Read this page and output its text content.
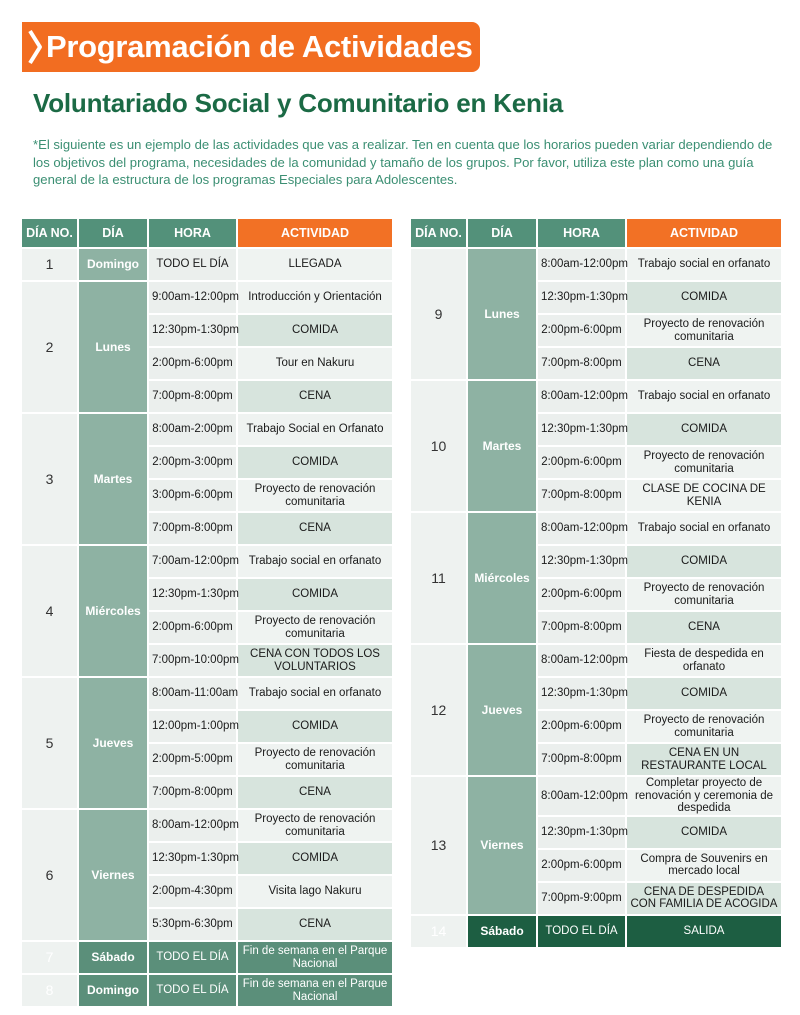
Programación de Actividades
Voluntariado Social y Comunitario en Kenia
*El siguiente es un ejemplo de las actividades que vas a realizar. Ten en cuenta que los horarios pueden variar dependiendo de los objetivos del programa, necesidades de la comunidad y tamaño de los grupos. Por favor, utiliza este plan como una guía general de la estructura de los programas Especiales para Adolescentes.
DÍA NO.	DÍA	HORA	ACTIVIDAD
1	Domingo	TODO EL DÍA	LLEGADA
2	Lunes	9:00am-12:00pm	Introducción y Orientación
		12:30pm-1:30pm	COMIDA
		2:00pm-6:00pm	Tour en Nakuru
		7:00pm-8:00pm	CENA
3	Martes	8:00am-2:00pm	Trabajo Social en Orfanato
		2:00pm-3:00pm	COMIDA
		3:00pm-6:00pm	Proyecto de renovación comunitaria
		7:00pm-8:00pm	CENA
4	Miércoles	7:00am-12:00pm	Trabajo social en orfanato
		12:30pm-1:30pm	COMIDA
		2:00pm-6:00pm	Proyecto de renovación comunitaria
		7:00pm-10:00pm	CENA CON TODOS LOS VOLUNTARIOS
5	Jueves	8:00am-11:00am	Trabajo social en orfanato
		12:00pm-1:00pm	COMIDA
		2:00pm-5:00pm	Proyecto de renovación comunitaria
		7:00pm-8:00pm	CENA
6	Viernes	8:00am-12:00pm	Proyecto de renovación comunitaria
		12:30pm-1:30pm	COMIDA
		2:00pm-4:30pm	Visita lago Nakuru
		5:30pm-6:30pm	CENA
7	Sábado	TODO EL DÍA	Fin de semana en el Parque Nacional
8	Domingo	TODO EL DÍA	Fin de semana en el Parque Nacional
DÍA NO.	DÍA	HORA	ACTIVIDAD
9	Lunes	8:00am-12:00pm	Trabajo social en orfanato
		12:30pm-1:30pm	COMIDA
		2:00pm-6:00pm	Proyecto de renovación comunitaria
		7:00pm-8:00pm	CENA
10	Martes	8:00am-12:00pm	Trabajo social en orfanato
		12:30pm-1:30pm	COMIDA
		2:00pm-6:00pm	Proyecto de renovación comunitaria
		7:00pm-8:00pm	CLASE DE COCINA DE KENIA
11	Miércoles	8:00am-12:00pm	Trabajo social en orfanato
		12:30pm-1:30pm	COMIDA
		2:00pm-6:00pm	Proyecto de renovación comunitaria
		7:00pm-8:00pm	CENA
12	Jueves	8:00am-12:00pm	Fiesta de despedida en orfanato
		12:30pm-1:30pm	COMIDA
		2:00pm-6:00pm	Proyecto de renovación comunitaria
		7:00pm-8:00pm	CENA EN UN RESTAURANTE LOCAL
13	Viernes	8:00am-12:00pm	Completar proyecto de renovación y ceremonia de despedida
		12:30pm-1:30pm	COMIDA
		2:00pm-6:00pm	Compra de Souvenirs en mercado local
		7:00pm-9:00pm	CENA DE DESPEDIDA CON FAMILIA DE ACOGIDA
14	Sábado	TODO EL DÍA	SALIDA
